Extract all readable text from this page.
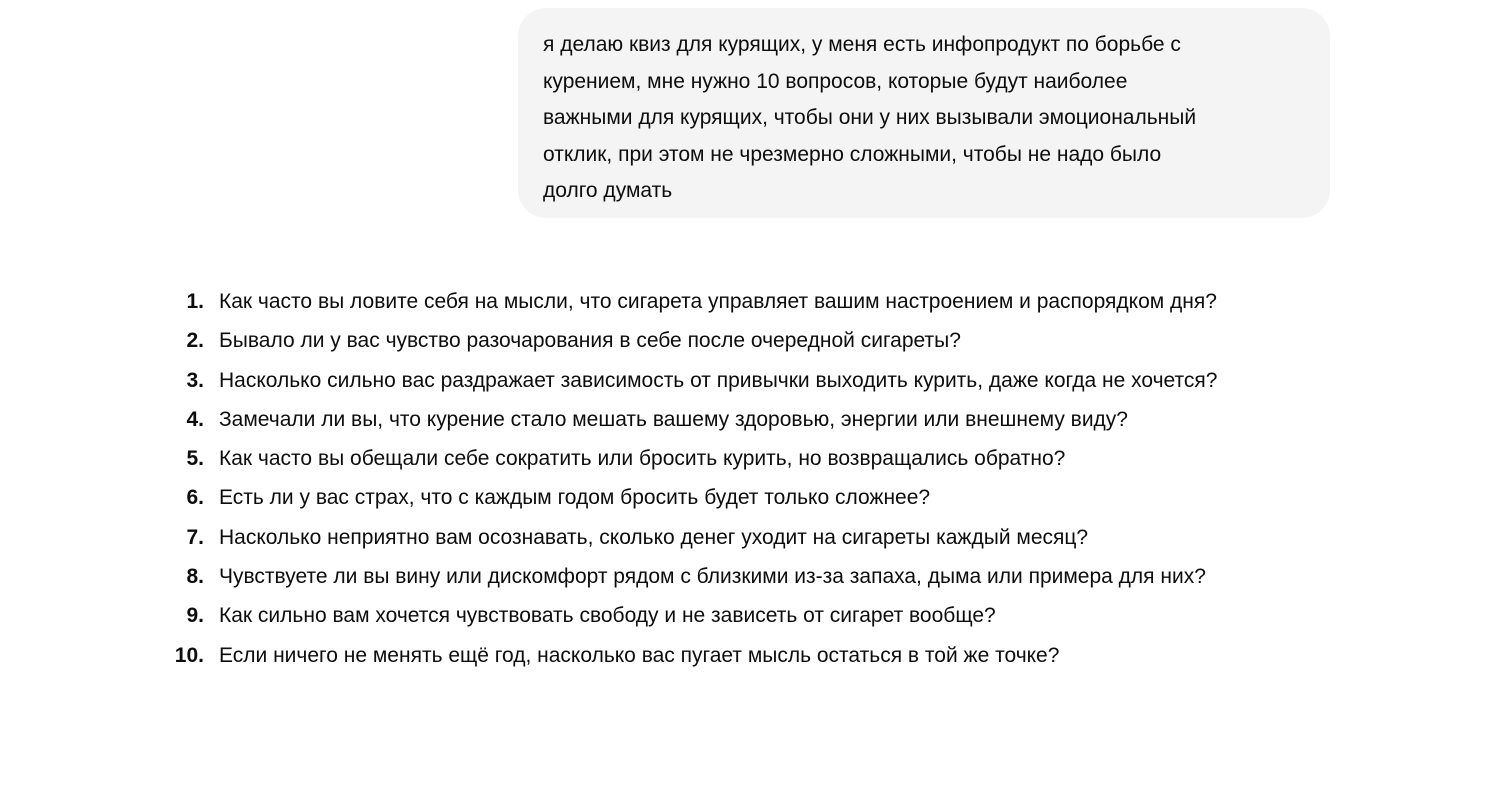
я делаю квиз для курящих, у меня есть инфопродукт по борьбе с
курением, мне нужно 10 вопросов, которые будут наиболее
важными для курящих, чтобы они у них вызывали эмоциональный
отклик, при этом не чрезмерно сложными, чтобы не надо было
долго думать
1. Как часто вы ловите себя на мысли, что сигарета управляет вашим настроением и распорядком дня?
2. Бывало ли у вас чувство разочарования в себе после очередной сигареты?
3. Насколько сильно вас раздражает зависимость от привычки выходить курить, даже когда не хочется?
4. Замечали ли вы, что курение стало мешать вашему здоровью, энергии или внешнему виду?
5. Как часто вы обещали себе сократить или бросить курить, но возвращались обратно?
6. Есть ли у вас страх, что с каждым годом бросить будет только сложнее?
7. Насколько неприятно вам осознавать, сколько денег уходит на сигареты каждый месяц?
8. Чувствуете ли вы вину или дискомфорт рядом с близкими из-за запаха, дыма или примера для них?
9. Как сильно вам хочется чувствовать свободу и не зависеть от сигарет вообще?
10. Если ничего не менять ещё год, насколько вас пугает мысль остаться в той же точке?
